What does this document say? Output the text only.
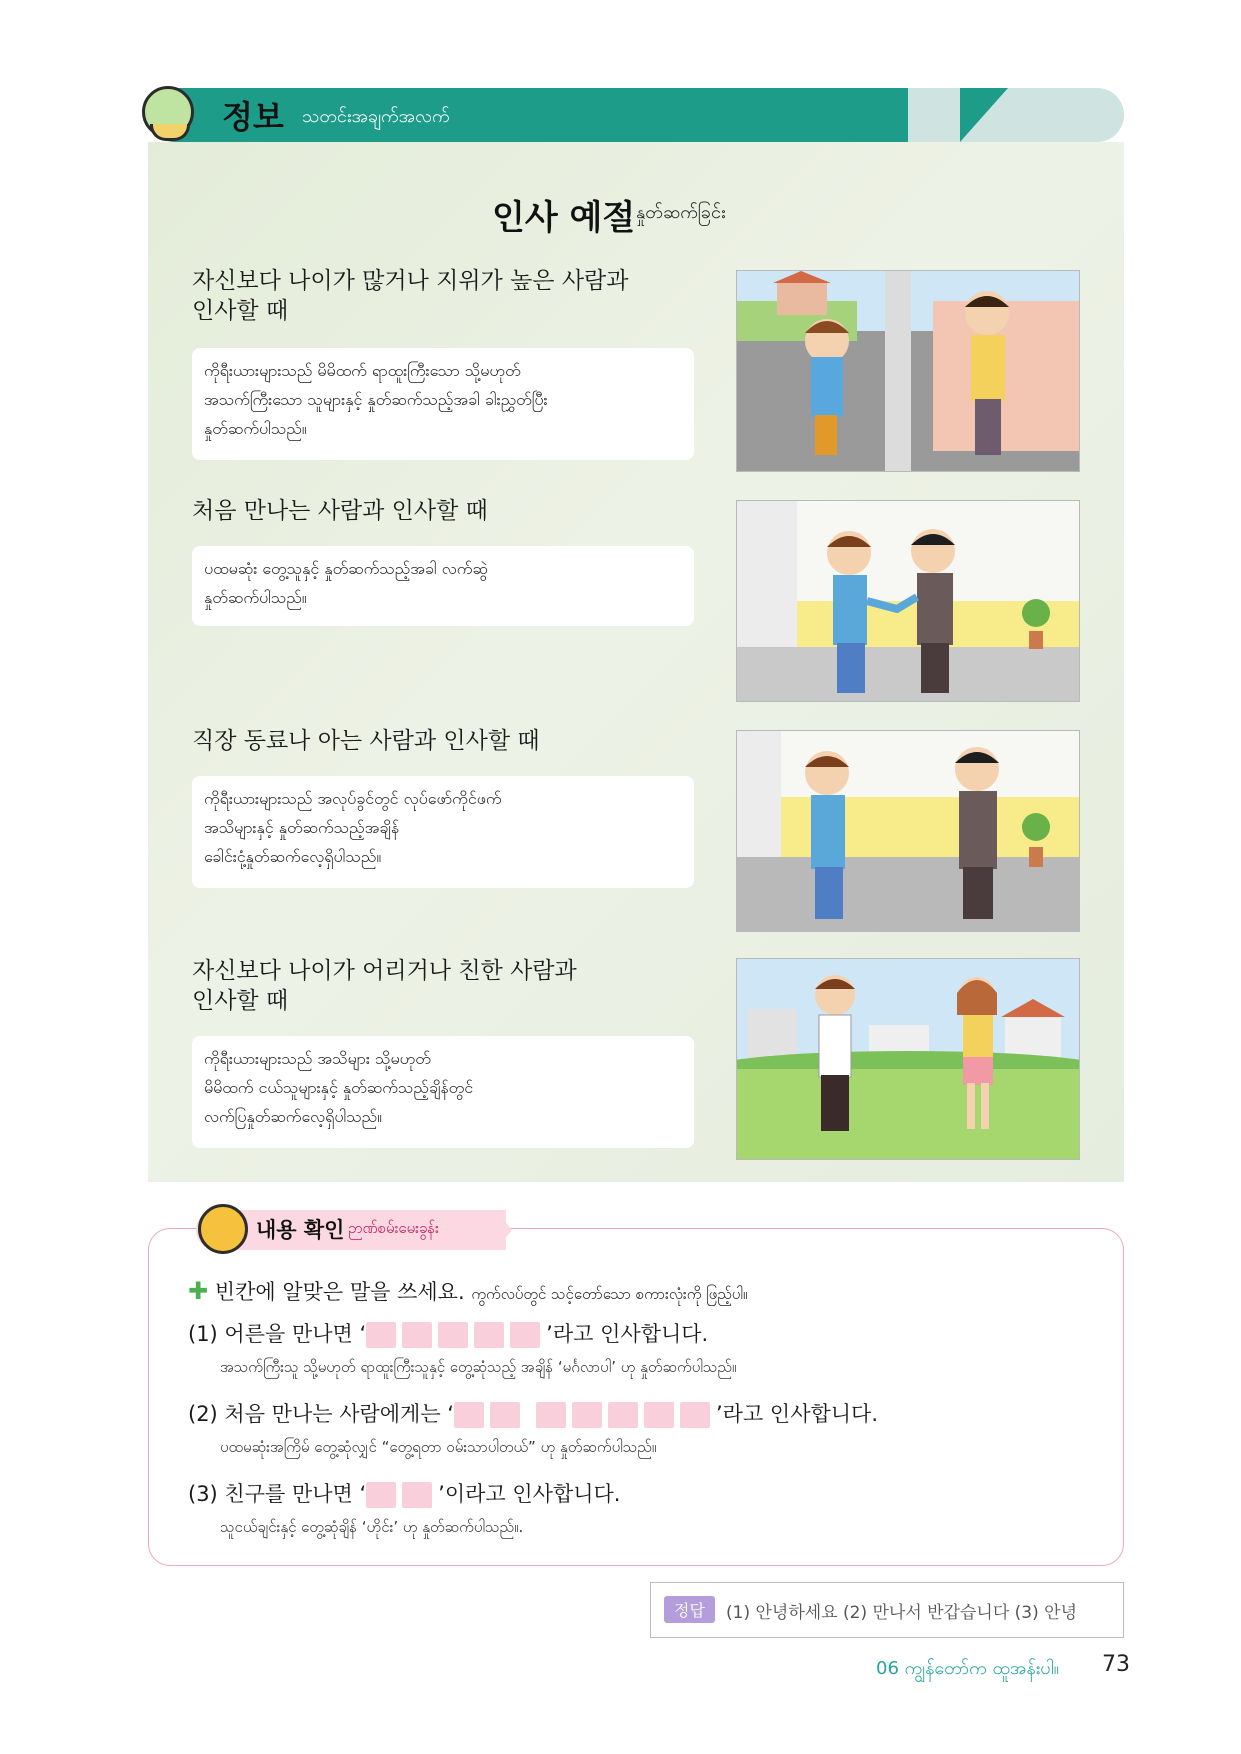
정보 သတင်းအချက်အလက်
인사 예절 နှုတ်ဆက်ခြင်း
자신보다 나이가 많거나 지위가 높은 사람과
인사할 때
ကိုရီးယားများသည် မိမိထက် ရာထူးကြီးသော သို့မဟုတ်
အသက်ကြီးသော သူများနှင့် နှုတ်ဆက်သည့်အခါ ခါးညွှတ်ပြီး
နှုတ်ဆက်ပါသည်။
처음 만나는 사람과 인사할 때
ပထမဆုံး တွေ့သူနှင့် နှုတ်ဆက်သည့်အခါ လက်ဆွဲ
နှုတ်ဆက်ပါသည်။
직장 동료나 아는 사람과 인사할 때
ကိုရီးယားများသည် အလုပ်ခွင်တွင် လုပ်ဖော်ကိုင်ဖက်
အသိများနှင့် နှုတ်ဆက်သည့်အချိန်
ခေါင်းငုံ့နှုတ်ဆက်လေ့ရှိပါသည်။
자신보다 나이가 어리거나 친한 사람과
인사할 때
ကိုရီးယားများသည် အသိများ သို့မဟုတ်
မိမိထက် ငယ်သူများနှင့် နှုတ်ဆက်သည့်ချိန်တွင်
လက်ပြနှုတ်ဆက်လေ့ရှိပါသည်။
내용 확인 ဉာဏ်စမ်းမေးခွန်း
✚ 빈칸에 알맞은 말을 쓰세요. ကွက်လပ်တွင် သင့်တော်သော စကားလုံးကို ဖြည့်ပါ။
(1) 어른을 만나면 ‘	’라고 인사합니다.
အသက်ကြီးသူ သို့မဟုတ် ရာထူးကြီးသူနှင့် တွေ့ဆုံသည့် အချိန် ‘မင်္ဂလာပါ’ ဟု နှုတ်ဆက်ပါသည်။
(2) 처음 만나는 사람에게는 ‘	’라고 인사합니다.
ပထမဆုံးအကြိမ် တွေ့ဆုံလျှင် “တွေ့ရတာ ဝမ်းသာပါတယ်” ဟု နှုတ်ဆက်ပါသည်။
(3) 친구를 만나면 ‘	’이라고 인사합니다.
သူငယ်ချင်းနှင့် တွေ့ဆုံချိန် ‘ဟိုင်း’ ဟု နှုတ်ဆက်ပါသည်။.
정답	(1) 안녕하세요 (2) 만나서 반갑습니다 (3) 안녕
06 ကျွန်တော်က ထူအန်းပါ။ 73
